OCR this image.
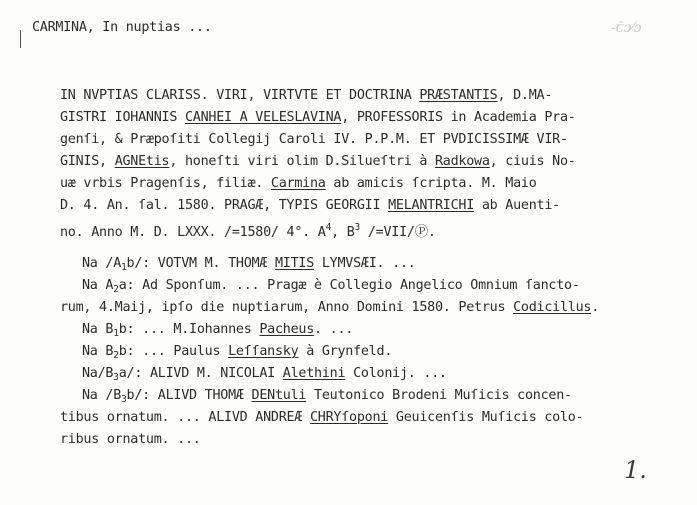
CARMINA, In nuptias ...	-ꞇ̄ɔ⁄ɔ
IN NVPTIAS CLARISS. VIRI, VIRTVTE ET DOCTRINA PRÆSTANTIS, D.MA-
GISTRI IOHANNIS CANHEI A VELESLAVINA, PROFESSORIS in Academia Pra-
genſi, & Præpoſiti Collegij Caroli IV. P.P.M. ET PVDICISSIMÆ VIR-
GINIS, AGNEtis, honeſti viri olim D.Silueſtri à Radkowa, ciuis No-
uæ vrbis Pragenſis, filiæ. Carmina ab amicis ſcripta. M. Maio
D. 4. An. ſal. 1580. PRAGÆ, TYPIS GEORGII MELANTRICHI ab Auenti-
no. Anno M. D. LXXX. /=1580/ 4°. $A^4$, $B^3$ /=VII/Ⓟ.
Na $/A_1b/$: VOTVM M. THOMÆ MITIS LYMVSÆI. ...
Na $A_2a$: Ad Sponſum. ... Pragæ è Collegio Angelico Omnium ſancto-
rum, 4.Maij, ipſo die nuptiarum, Anno Domini 1580. Petrus Codicillus.
Na $B_1b$: ... M.Iohannes Pacheus. ...
Na $B_2b$: ... Paulus Leſſansky à Grynfeld.
$Na/B_3a/$: ALIVD M. NICOLAI Alethini Colonij. ...
Na $/B_3b/$: ALIVD THOMÆ DENtuli Teutonico Brodeni Muſicis concen-
tibus ornatum. ... ALIVD ANDREÆ CHRYſoponi Geuicenſis Muſicis colo-
ribus ornatum. ...
1.
